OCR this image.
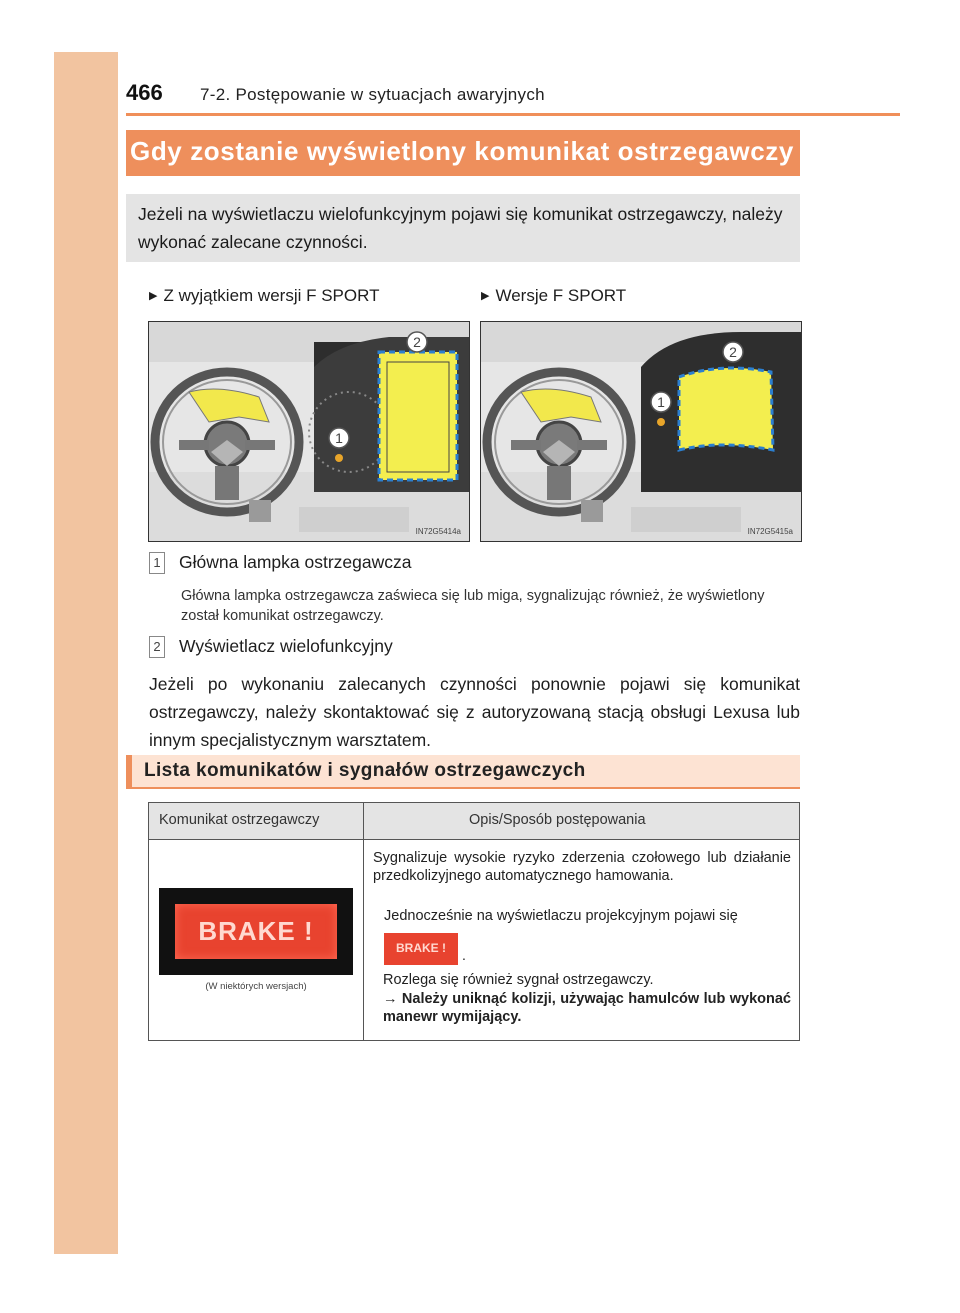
466 7-2. Postępowanie w sytuacjach awaryjnych
Gdy zostanie wyświetlony komunikat ostrzegawczy
Jeżeli na wyświetlaczu wielofunkcyjnym pojawi się komunikat ostrzegawczy, należy wykonać zalecane czynności.
▶ Z wyjątkiem wersji F SPORT	▶ Wersje F SPORT
2
1
IN72G5414a
2
1
IN72G5415a
1 Główna lampka ostrzegawcza
Główna lampka ostrzegawcza zaświeca się lub miga, sygnalizując również, że wyświetlony został komunikat ostrzegawczy.
2 Wyświetlacz wielofunkcyjny
Jeżeli po wykonaniu zalecanych czynności ponownie pojawi się komunikat ostrzegawczy, należy skontaktować się z autoryzowaną stacją obsługi Lexusa lub innym specjalistycznym warsztatem.
Lista komunikatów i sygnałów ostrzegawczych
Komunikat ostrzegawczy	Opis/Sposób postępowania
BRAKE !
(W niektórych wersjach)
Sygnalizuje wysokie ryzyko zderzenia czołowego lub działanie przedkolizyjnego automatycznego hamowania.
Jednocześnie na wyświetlaczu projekcyjnym pojawi się
BRAKE !	.
Rozlega się również sygnał ostrzegawczy.
→ Należy uniknąć kolizji, używając hamulców lub wykonać manewr wymijający.
